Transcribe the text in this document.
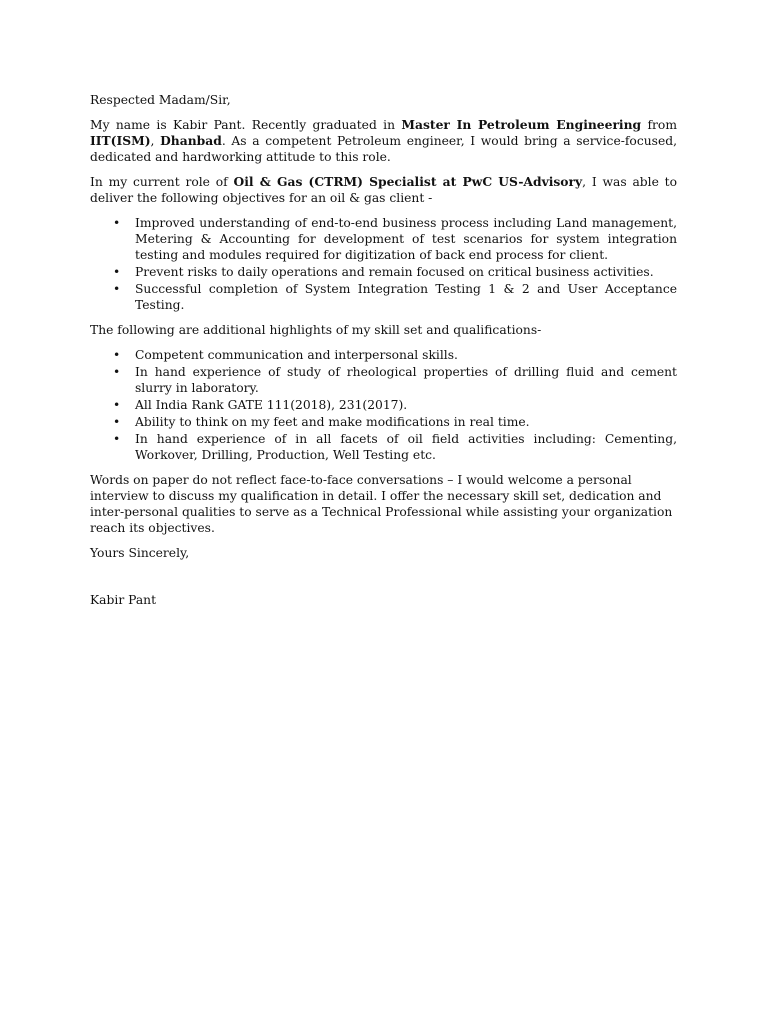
Respected Madam/Sir,

My name is Kabir Pant. Recently graduated in Master In Petroleum Engineering from IIT(ISM), Dhanbad. As a competent Petroleum engineer, I would bring a service-focused, dedicated and hardworking attitude to this role.

In my current role of Oil & Gas (CTRM) Specialist at PwC US-Advisory, I was able to deliver the following objectives for an oil & gas client -

• Improved understanding of end-to-end business process including Land management, Metering & Accounting for development of test scenarios for system integration testing and modules required for digitization of back end process for client.
• Prevent risks to daily operations and remain focused on critical business activities.
• Successful completion of System Integration Testing 1 & 2 and User Acceptance Testing.

The following are additional highlights of my skill set and qualifications-

• Competent communication and interpersonal skills.
• In hand experience of study of rheological properties of drilling fluid and cement slurry in laboratory.
• All India Rank GATE 111(2018), 231(2017).
• Ability to think on my feet and make modifications in real time.
• In hand experience of in all facets of oil field activities including: Cementing, Workover, Drilling, Production, Well Testing etc.

Words on paper do not reflect face-to-face conversations – I would welcome a personal interview to discuss my qualification in detail. I offer the necessary skill set, dedication and inter-personal qualities to serve as a Technical Professional while assisting your organization reach its objectives.

Yours Sincerely,

Kabir Pant
